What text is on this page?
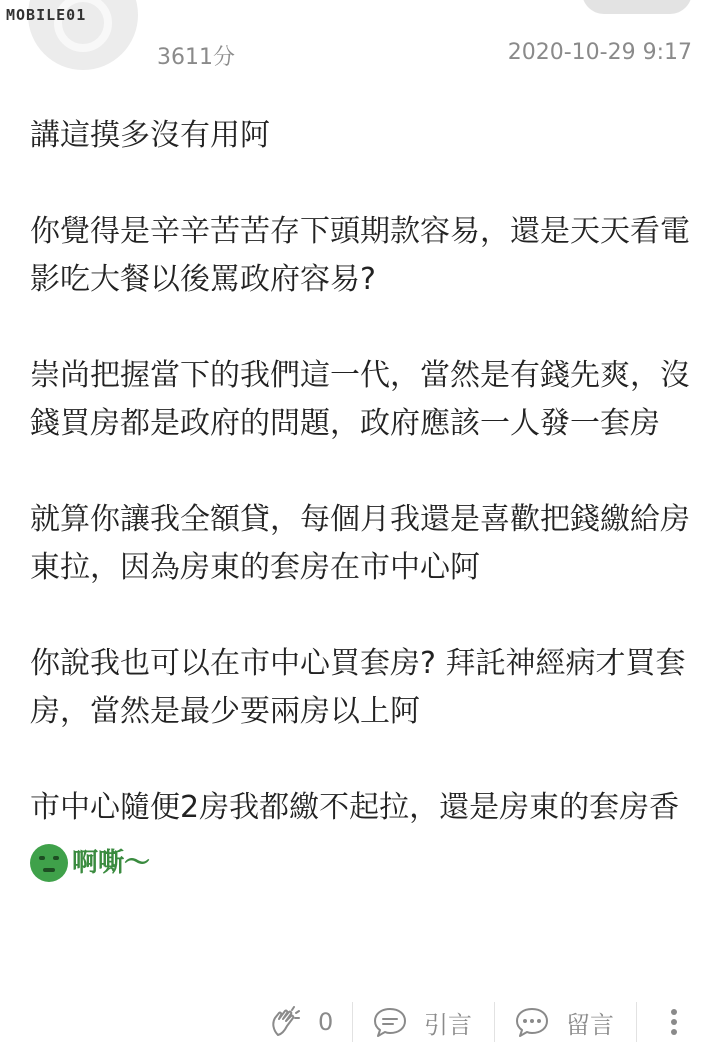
MOBILE01
3611分	2020-10-29 9:17

講這摸多沒有用阿

你覺得是辛辛苦苦存下頭期款容易，還是天天看電影吃大餐以後罵政府容易?

崇尚把握當下的我們這一代，當然是有錢先爽，沒錢買房都是政府的問題，政府應該一人發一套房

就算你讓我全額貸，每個月我還是喜歡把錢繳給房東拉，因為房東的套房在市中心阿

你說我也可以在市中心買套房? 拜託神經病才買套房，當然是最少要兩房以上阿

市中心隨便2房我都繳不起拉，還是房東的套房香
啊嘶～

0	引言	留言
